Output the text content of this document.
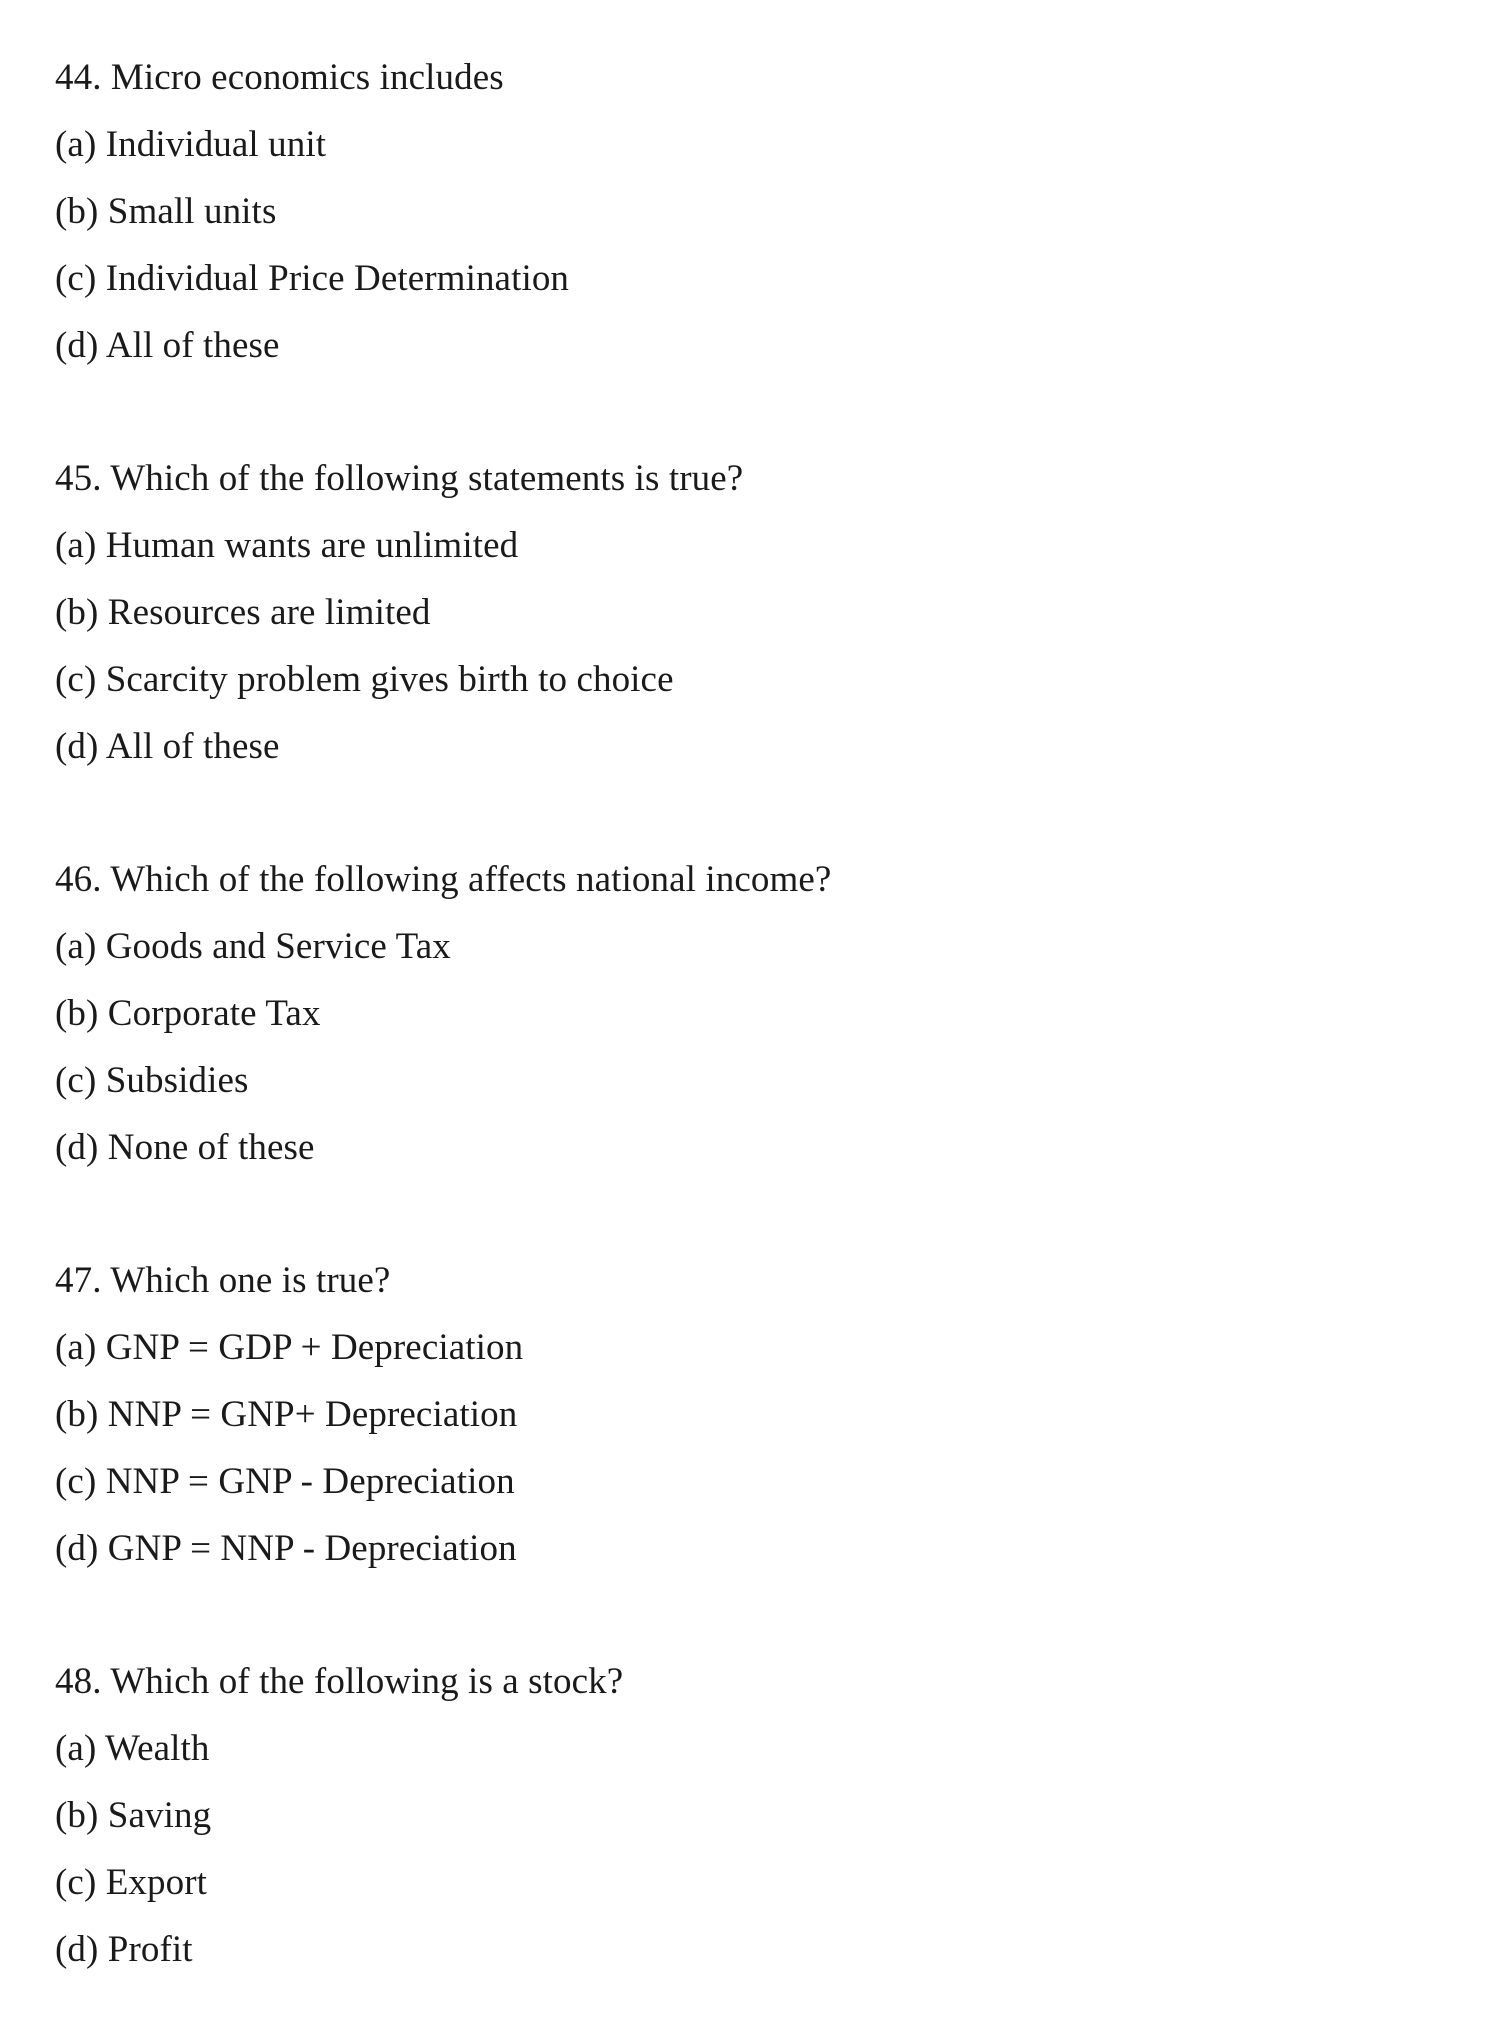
44. Micro economics includes
(a) Individual unit
(b) Small units
(c) Individual Price Determination
(d) All of these
45. Which of the following statements is true?
(a) Human wants are unlimited
(b) Resources are limited
(c) Scarcity problem gives birth to choice
(d) All of these
46. Which of the following affects national income?
(a) Goods and Service Tax
(b) Corporate Tax
(c) Subsidies
(d) None of these
47. Which one is true?
(a) GNP = GDP + Depreciation
(b) NNP = GNP+ Depreciation
(c) NNP = GNP - Depreciation
(d) GNP = NNP - Depreciation
48. Which of the following is a stock?
(a) Wealth
(b) Saving
(c) Export
(d) Profit
